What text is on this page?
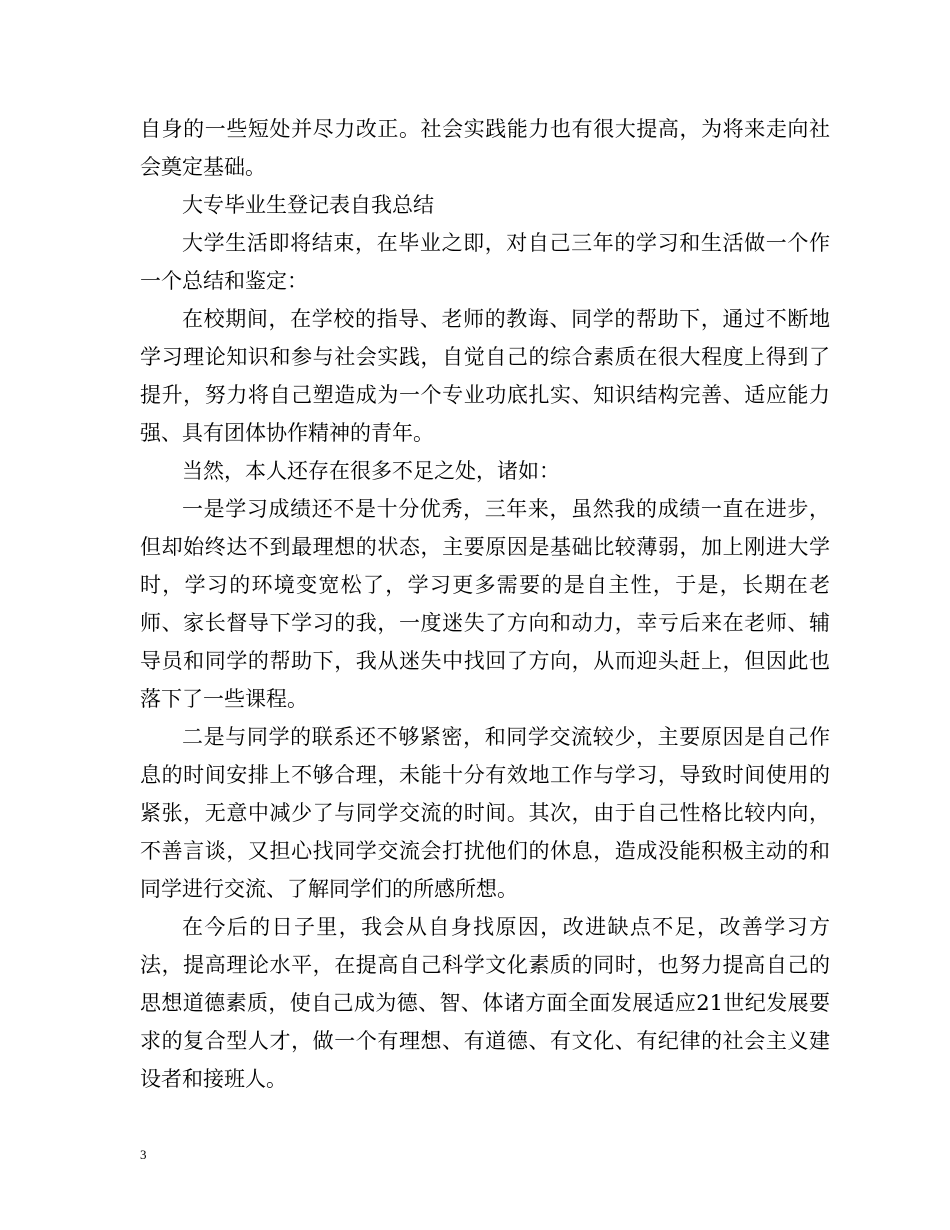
自身的一些短处并尽力改正。社会实践能力也有很大提高，为将来走向社会奠定基础。

大专毕业生登记表自我总结

大学生活即将结束，在毕业之即，对自己三年的学习和生活做一个作一个总结和鉴定：

在校期间，在学校的指导、老师的教诲、同学的帮助下，通过不断地学习理论知识和参与社会实践，自觉自己的综合素质在很大程度上得到了提升，努力将自己塑造成为一个专业功底扎实、知识结构完善、适应能力强、具有团体协作精神的青年。

当然，本人还存在很多不足之处，诸如：

一是学习成绩还不是十分优秀，三年来，虽然我的成绩一直在进步，但却始终达不到最理想的状态，主要原因是基础比较薄弱，加上刚进大学时，学习的环境变宽松了，学习更多需要的是自主性，于是，长期在老师、家长督导下学习的我，一度迷失了方向和动力，幸亏后来在老师、辅导员和同学的帮助下，我从迷失中找回了方向，从而迎头赶上，但因此也落下了一些课程。

二是与同学的联系还不够紧密，和同学交流较少，主要原因是自己作息的时间安排上不够合理，未能十分有效地工作与学习，导致时间使用的紧张，无意中减少了与同学交流的时间。其次，由于自己性格比较内向，不善言谈，又担心找同学交流会打扰他们的休息，造成没能积极主动的和同学进行交流、了解同学们的所感所想。

在今后的日子里，我会从自身找原因，改进缺点不足，改善学习方法，提高理论水平，在提高自己科学文化素质的同时，也努力提高自己的思想道德素质，使自己成为德、智、体诸方面全面发展适应21世纪发展要求的复合型人才，做一个有理想、有道德、有文化、有纪律的社会主义建设者和接班人。

3
